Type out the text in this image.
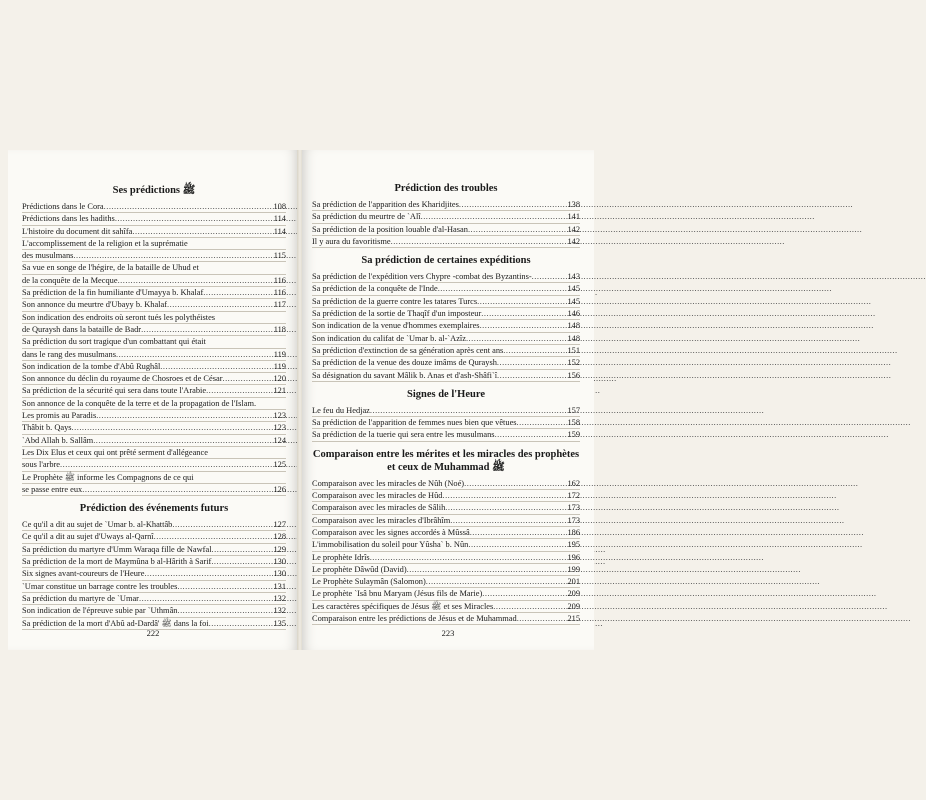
Ses prédictions ﷺ
Prédictions dans le Cora .....	108
Prédictions dans les hadiths .....	114
L'histoire du document dit sahîfa .....	114
L'accomplissement de la religion et la suprématie
des musulmans .....	115
Sa vue en songe de l'hégire, de la bataille de Uhud et
de la conquête de la Mecque .....	116
Sa prédiction de la fin humiliante d'Umayya b. Khalaf .....	116
Son annonce du meurtre d'Ubayy b. Khalaf .....	117
Son indication des endroits où seront tués les polythéistes
de Quraysh dans la bataille de Badr .....	118
Sa prédiction du sort tragique d'un combattant qui était
dans le rang des musulmans .....	119
Son indication de la tombe d'Abû Rughâl .....	119
Son annonce du déclin du royaume de Chosroes et de César .....	120
Sa prédiction de la sécurité qui sera dans toute l'Arabie .....	121
Son annonce de la conquête de la terre et de la propagation de l'Islam.
Les promis au Paradis .....	123
Thâbit b. Qays .....	123
`Abd Allah b. Sallâm .....	124
Les Dix Elus et ceux qui ont prêté serment d'allégeance
sous l'arbre .....	125
Le Prophète ﷺ informe les Compagnons de ce qui
se passe entre eux .....	126
Prédiction des événements futurs
Ce qu'il a dit au sujet de `Umar b. al-Khattâb .....	127
Ce qu'il a dit au sujet d'Uways al-Qarnî .....	128
Sa prédiction du martyre d'Umm Waraqa fille de Nawfal .....	129
Sa prédiction de la mort de Maymûna b al-Hârith à Sarif .....	130
Six signes avant-coureurs de l'Heure .....	130
`Umar constitue un barrage contre les troubles .....	131
Sa prédiction du martyre de `Umar .....	132
Son indication de l'épreuve subie par `Uthmân .....	132
Sa prédiction de la mort d'Abû ad-Dardâ' ﷺ dans la foi .....	135
222
Prédiction des troubles
Sa prédiction de l'apparition des Kharidjites .....	138
Sa prédiction du meurtre de `Alî .....	141
Sa prédiction de la position louable d'al-Hasan .....	142
Il y aura du favoritisme .....	142
Sa prédiction de certaines expéditions
Sa prédiction de l'expédition vers Chypre -combat des Byzantins- .....	143
Sa prédiction de la conquête de l'Inde .....	145
Sa prédiction de la guerre contre les tatares Turcs .....	145
Sa prédiction de la sortie de Thaqîf d'un imposteur .....	146
Son indication de la venue d'hommes exemplaires .....	148
Son indication du califat de `Umar b. al-`Azîz .....	148
Sa prédiction d'extinction de sa génération après cent ans .....	151
Sa prédiction de la venue des douze imâms de Quraysh .....	152
Sa désignation du savant Mâlik b. Anas et d'ash-Shâfi`î .....	156
Signes de l'Heure
Le feu du Hedjaz .....	157
Sa prédiction de l'apparition de femmes nues bien que vêtues .....	158
Sa prédiction de la tuerie qui sera entre les musulmans .....	159
Comparaison entre les mérites et les miracles des prophètes et ceux de Muhammad ﷺ
Comparaison avec les miracles de Nûh (Noé) .....	162
Comparaison avec les miracles de Hûd .....	172
Comparaison avec les miracles de Sâlih .....	173
Comparaison avec les miracles d'Ibrâhîm .....	173
Comparaison avec les signes accordés à Mûssâ .....	186
L'immobilisation du soleil pour Yûsha` b. Nûn .....	195
Le prophète Idrîs .....	196
Le prophète Dâwûd (David) .....	199
Le Prophète Sulaymân (Salomon) .....	201
Le prophète `Isâ bnu Maryam (Jésus fils de Marie) .....	209
Les caractères spécifiques de Jésus ﷺ et ses Miracles .....	209
Comparaison entre les prédictions de Jésus et de Muhammad .....	215
223
